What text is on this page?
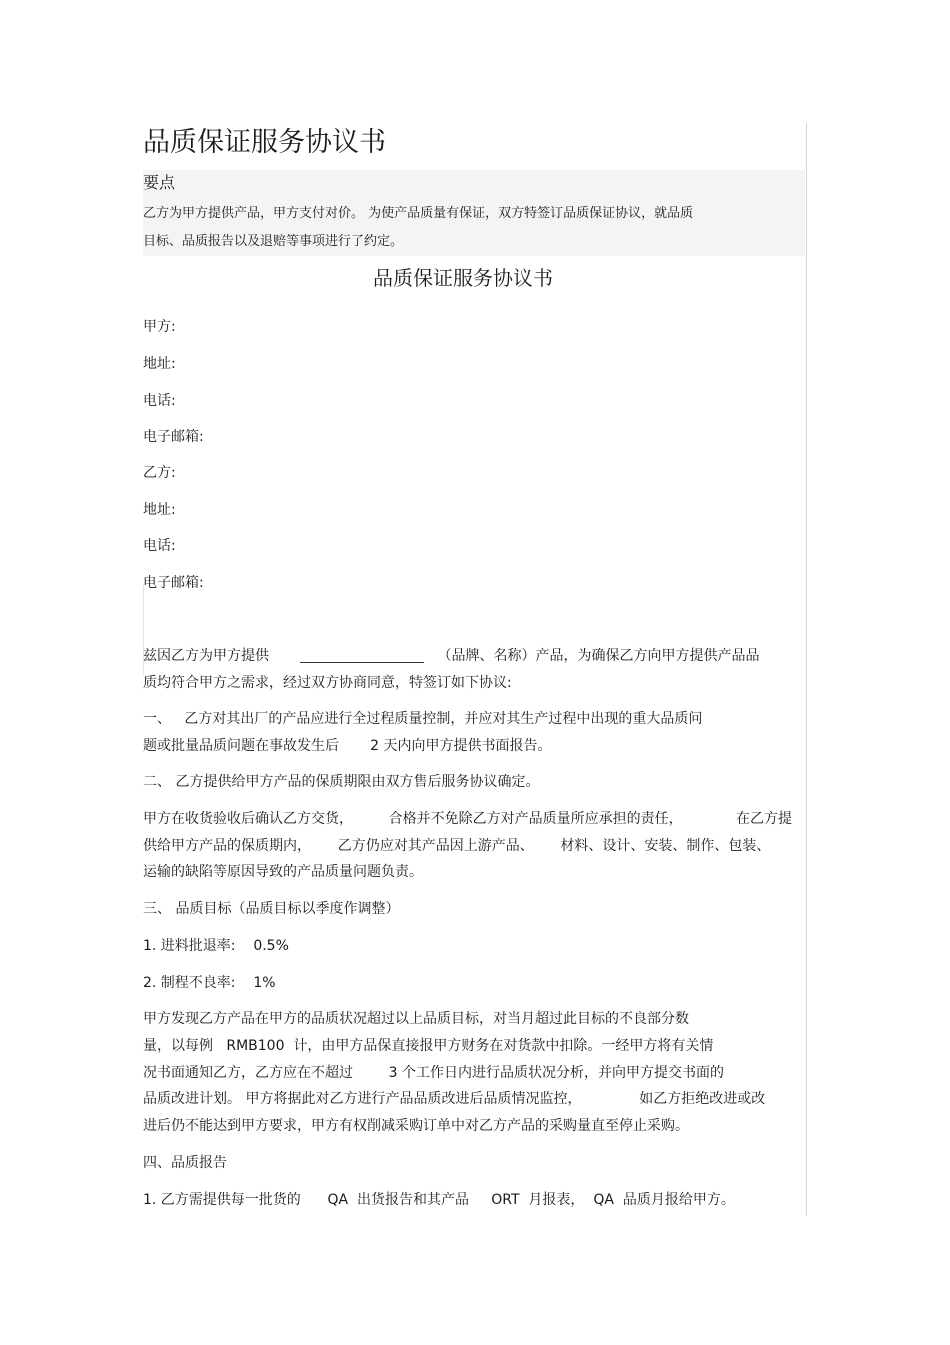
品质保证服务协议书
要点
乙方为甲方提供产品，甲方支付对价。 为使产品质量有保证，双方特签订品质保证协议，就品质
目标、品质报告以及退赔等事项进行了约定。
品质保证服务协议书
甲方:
地址:
电话:
电子邮箱:
乙方:
地址:
电话:
电子邮箱:
兹因乙方为甲方提供	（品牌、名称）产品，为确保乙方向甲方提供产品品
质均符合甲方之需求，经过双方协商同意，特签订如下协议:
一、   乙方对其出厂的产品应进行全过程质量控制，并应对其生产过程中出现的重大品质问
题或批量品质问题在事故发生后       2 天内向甲方提供书面报告。
二、 乙方提供给甲方产品的保质期限由双方售后服务协议确定。
甲方在收货验收后确认乙方交货，        合格并不免除乙方对产品质量所应承担的责任，            在乙方提
供给甲方产品的保质期内，      乙方仍应对其产品因上游产品、      材料、设计、安装、制作、包装、
运输的缺陷等原因导致的产品质量问题负责。
三、 品质目标（品质目标以季度作调整）
1. 进料批退率:    0.5%
2. 制程不良率:    1%
甲方发现乙方产品在甲方的品质状况超过以上品质目标，对当月超过此目标的不良部分数
量，以每例   RMB100  计，由甲方品保直接报甲方财务在对货款中扣除。一经甲方将有关情
况书面通知乙方，乙方应在不超过        3 个工作日内进行品质状况分析，并向甲方提交书面的
品质改进计划。 甲方将据此对乙方进行产品品质改进后品质情况监控，             如乙方拒绝改进或改
进后仍不能达到甲方要求，甲方有权削减采购订单中对乙方产品的采购量直至停止采购。
四、品质报告
1. 乙方需提供每一批货的      QA  出货报告和其产品     ORT  月报表，  QA  品质月报给甲方。
